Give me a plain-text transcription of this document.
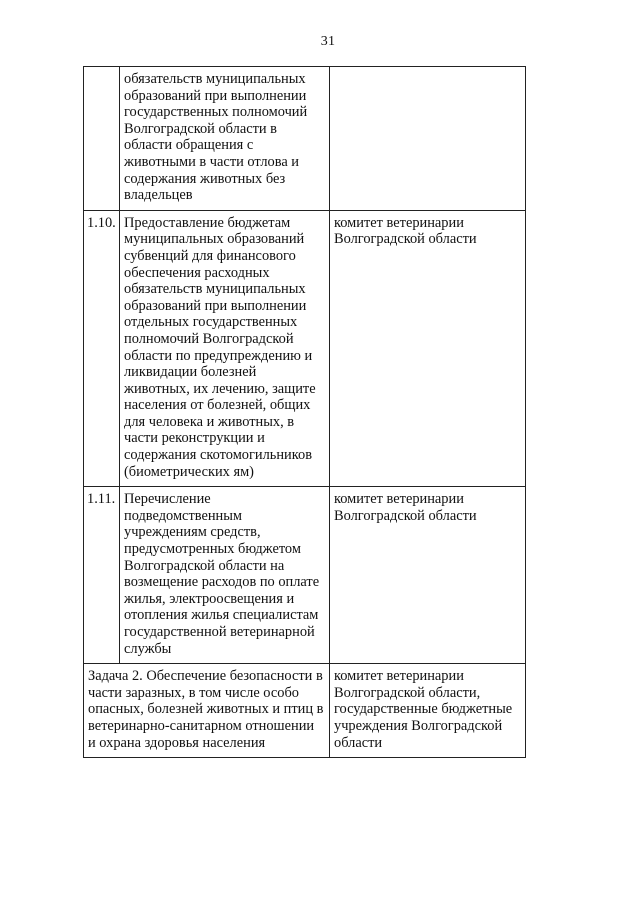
31

	обязательств муниципальных образований при выполнении государственных полномочий Волгоградской области в области обращения с животными в части отлова и содержания животных без владельцев	

1.10.	Предоставление бюджетам муниципальных образований субвенций для финансового обеспечения расходных обязательств муниципальных образований при выполнении отдельных государственных полномочий Волгоградской области по предупреждению и ликвидации болезней животных, их лечению, защите населения от болезней, общих для человека и животных, в части реконструкции и содержания скотомогильников (биометрических ям)	комитет ветеринарии Волгоградской области

1.11.	Перечисление подведомственным учреждениям средств, предусмотренных бюджетом Волгоградской области на возмещение расходов по оплате жилья, электроосвещения и отопления жилья специалистам государственной ветеринарной службы	комитет ветеринарии Волгоградской области

Задача 2. Обеспечение безопасности в части заразных, в том числе особо опасных, болезней животных и птиц в ветеринарно-санитарном отношении и охрана здоровья населения		комитет ветеринарии Волгоградской области, государственные бюджетные учреждения Волгоградской области
